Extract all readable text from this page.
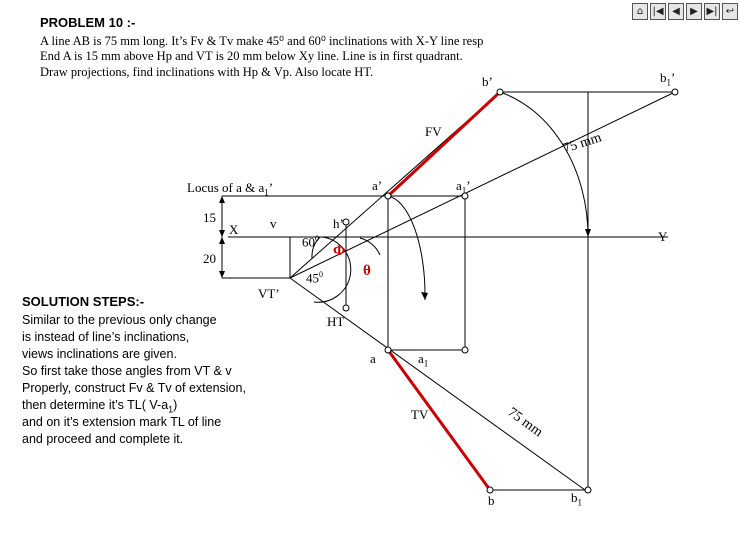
⌂ |◀ ◀	▶ ▶| ↩
PROBLEM 10 :-
A line AB is 75 mm long. It’s Fv & Tv make 45⁰ and 60⁰ inclinations with X-Y line resp
End A is 15 mm above Hp and VT is 20 mm below Xy line. Line is in first quadrant.
Draw projections, find inclinations with Hp & Vp. Also locate HT.
Locus of a & $a_1$’
15
20
X	Y
v	h’
a’	$a_1$’
b’	$b_1$’
FV
TV
VT’
HT
a	$a_1$
b	$b_1$
$60^0$
$45^0$
Φ
θ
75 mm
75 mm
SOLUTION STEPS:-
Similar to the previous only change
is instead of line’s inclinations,
views inclinations are given.
So first take those angles from VT & v
Properly, construct Fv & Tv of extension,
then determine it’s TL( $V-a_1$)
and on it’s extension mark TL of line
and proceed and complete it.
